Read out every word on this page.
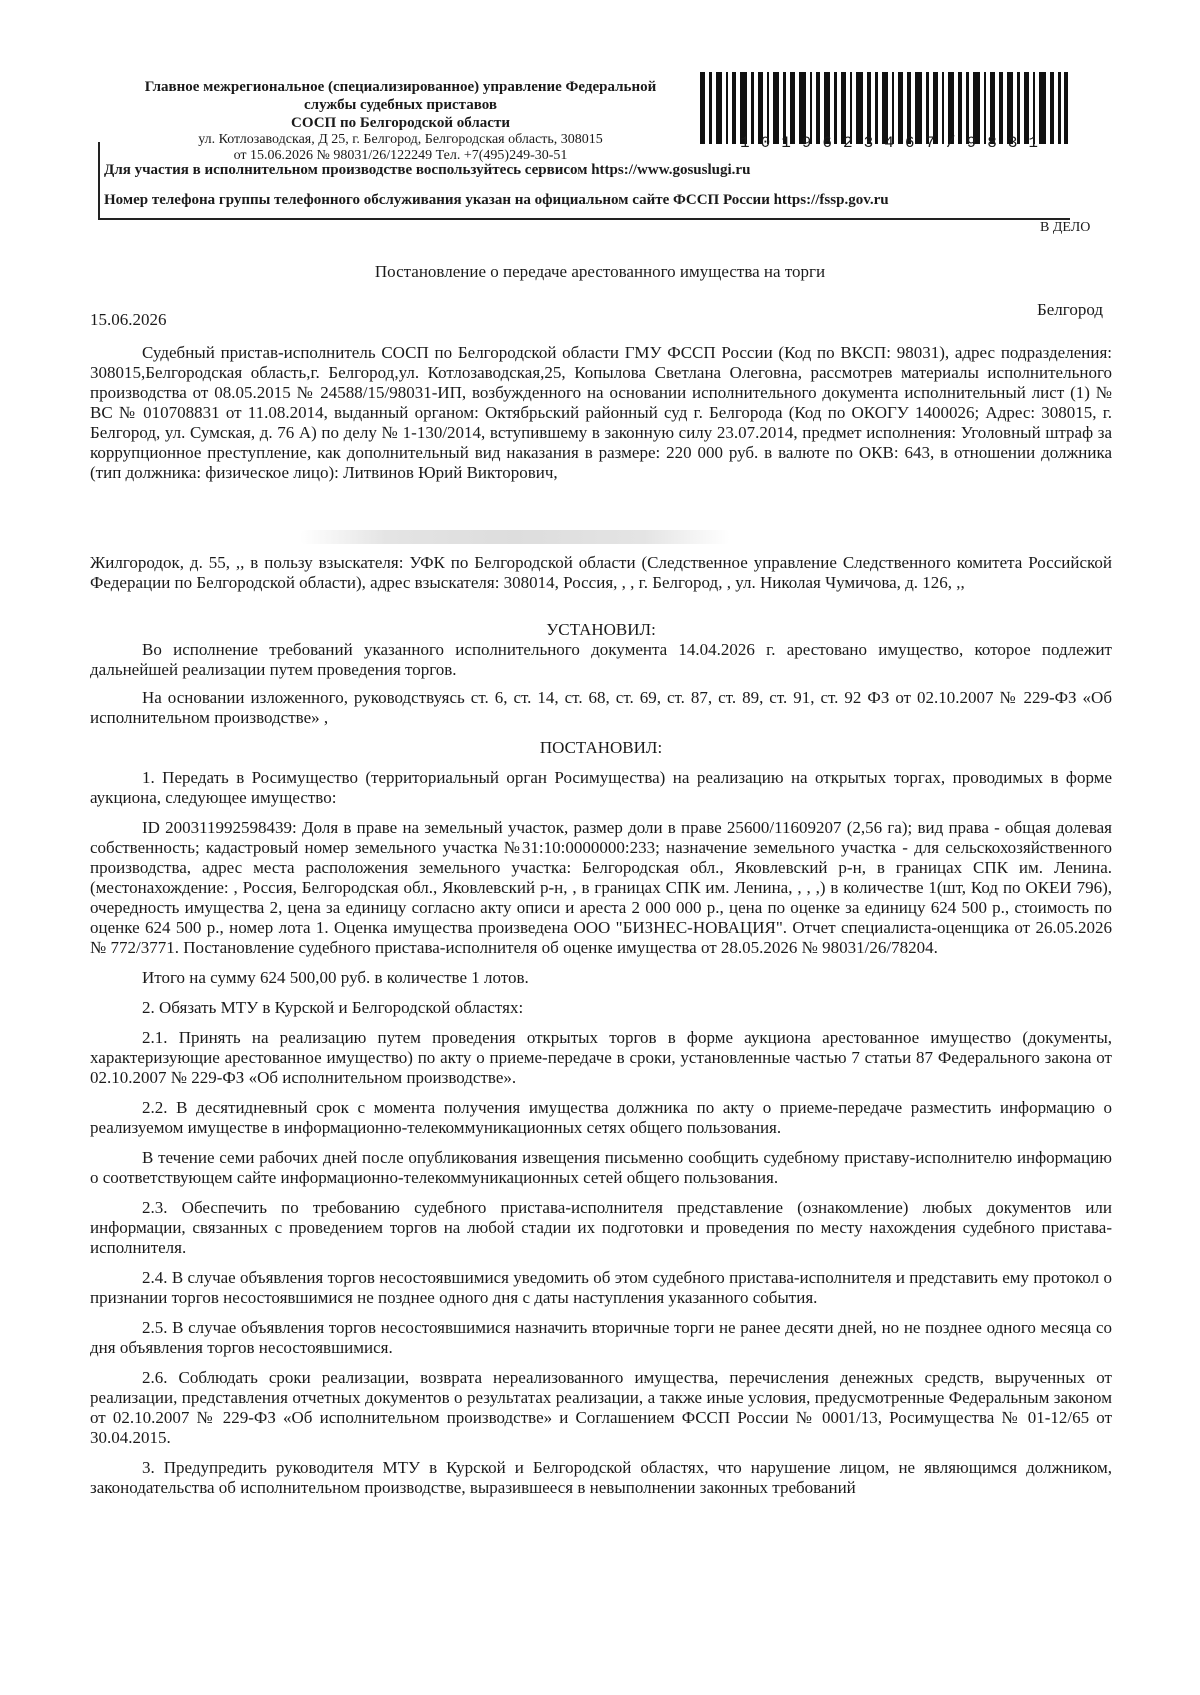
Главное межрегиональное (специализированное) управление Федеральной
службы судебных приставов
СОСП по Белгородской области
ул. Котлозаводская, Д 25, г. Белгород, Белгородская область, 308015
от 15.06.2026 № 98031/26/122249 Тел. +7(495)249-30-51
1019623467/9831
Для участия в исполнительном производстве воспользуйтесь сервисом https://www.gosuslugi.ru
Номер телефона группы телефонного обслуживания указан на официальном сайте ФССП России https://fssp.gov.ru
В ДЕЛО
Постановление о передаче арестованного имущества на торги
15.06.2026
Белгород

Судебный пристав-исполнитель СОСП по Белгородской области ГМУ ФССП России (Код по ВКСП: 98031), адрес подразделения: 308015,Белгородская область,г. Белгород,ул. Котлозаводская,25, Копылова Светлана Олеговна, рассмотрев материалы исполнительного производства от 08.05.2015 № 24588/15/98031-ИП, возбужденного на основании исполнительного документа исполнительный лист (1) № ВС № 010708831 от 11.08.2014, выданный органом: Октябрьский районный суд г. Белгорода (Код по ОКОГУ 1400026; Адрес: 308015, г. Белгород, ул. Сумская, д. 76 А) по делу № 1-130/2014, вступившему в законную силу 23.07.2014, предмет исполнения: Уголовный штраф за коррупционное преступление, как дополнительный вид наказания в размере: 220 000 руб. в валюте по ОКВ: 643, в отношении должника (тип должника: физическое лицо): Литвинов Юрий Викторович,

Жилгородок, д. 55, ,, в пользу взыскателя: УФК по Белгородской области (Следственное управление Следственного комитета Российской Федерации по Белгородской области), адрес взыскателя: 308014, Россия, , , г. Белгород, , ул. Николая Чумичова, д. 126, ,,

УСТАНОВИЛ:

Во исполнение требований указанного исполнительного документа 14.04.2026 г. арестовано имущество, которое подлежит дальнейшей реализации путем проведения торгов.

На основании изложенного, руководствуясь ст. 6, ст. 14, ст. 68, ст. 69, ст. 87, ст. 89, ст. 91, ст. 92 ФЗ от 02.10.2007 № 229-ФЗ «Об исполнительном производстве» ,

ПОСТАНОВИЛ:

1. Передать в Росимущество (территориальный орган Росимущества) на реализацию на открытых торгах, проводимых в форме аукциона, следующее имущество:

ID 200311992598439: Доля в праве на земельный участок, размер доли в праве 25600/11609207 (2,56 га); вид права - общая долевая собственность; кадастровый номер земельного участка №31:10:0000000:233; назначение земельного участка - для сельскохозяйственного производства, адрес места расположения земельного участка: Белгородская обл., Яковлевский р-н, в границах СПК им. Ленина. (местонахождение: , Россия, Белгородская обл., Яковлевский р-н, , в границах СПК им. Ленина, , , ,) в количестве 1(шт, Код по ОКЕИ 796), очередность имущества 2, цена за единицу согласно акту описи и ареста 2 000 000 р., цена по оценке за единицу 624 500 р., стоимость по оценке 624 500 р., номер лота 1. Оценка имущества произведена ООО "БИЗНЕС-НОВАЦИЯ". Отчет специалиста-оценщика от 26.05.2026 № 772/3771. Постановление судебного пристава-исполнителя об оценке имущества от 28.05.2026 № 98031/26/78204.

Итого на сумму 624 500,00 руб. в количестве 1 лотов.

2. Обязать МТУ в Курской и Белгородской областях:

2.1. Принять на реализацию путем проведения открытых торгов в форме аукциона арестованное имущество (документы, характеризующие арестованное имущество) по акту о приеме-передаче в сроки, установленные частью 7 статьи 87 Федерального закона от 02.10.2007 № 229-ФЗ «Об исполнительном производстве».

2.2. В десятидневный срок с момента получения имущества должника по акту о приеме-передаче разместить информацию о реализуемом имуществе в информационно-телекоммуникационных сетях общего пользования.

В течение семи рабочих дней после опубликования извещения письменно сообщить судебному приставу-исполнителю информацию о соответствующем сайте информационно-телекоммуникационных сетей общего пользования.

2.3. Обеспечить по требованию судебного пристава-исполнителя представление (ознакомление) любых документов или информации, связанных с проведением торгов на любой стадии их подготовки и проведения по месту нахождения судебного пристава-исполнителя.

2.4. В случае объявления торгов несостоявшимися уведомить об этом судебного пристава-исполнителя и представить ему протокол о признании торгов несостоявшимися не позднее одного дня с даты наступления указанного события.

2.5. В случае объявления торгов несостоявшимися назначить вторичные торги не ранее десяти дней, но не позднее одного месяца со дня объявления торгов несостоявшимися.

2.6. Соблюдать сроки реализации, возврата нереализованного имущества, перечисления денежных средств, вырученных от реализации, представления отчетных документов о результатах реализации, а также иные условия, предусмотренные Федеральным законом от 02.10.2007 № 229-ФЗ «Об исполнительном производстве» и Соглашением ФССП России № 0001/13, Росимущества № 01-12/65 от 30.04.2015.

3. Предупредить руководителя МТУ в Курской и Белгородской областях, что нарушение лицом, не являющимся должником, законодательства об исполнительном производстве, выразившееся в невыполнении законных требований
